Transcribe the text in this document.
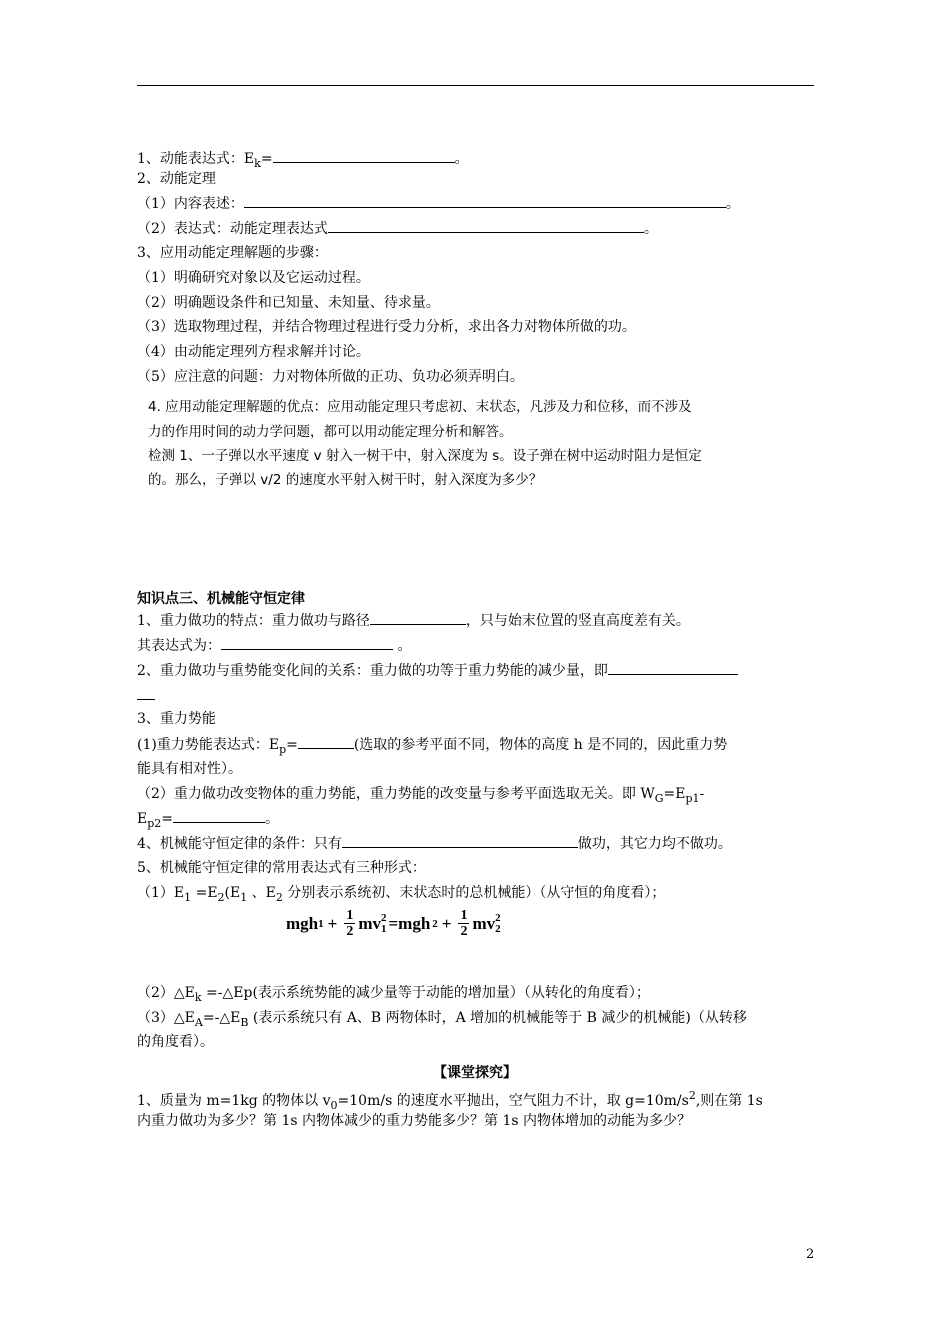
1、动能表达式：$E_k=$	。
2、动能定理
（1）内容表述：	。
（2）表达式：动能定理表达式	。
3、应用动能定理解题的步骤：
（1）明确研究对象以及它运动过程。
（2）明确题设条件和已知量、未知量、待求量。
（3）选取物理过程，并结合物理过程进行受力分析，求出各力对物体所做的功。
（4）由动能定理列方程求解并讨论。
（5）应注意的问题：力对物体所做的正功、负功必须弄明白。
4. 应用动能定理解题的优点：应用动能定理只考虑初、末状态，凡涉及力和位移，而不涉及
力的作用时间的动力学问题，都可以用动能定理分析和解答。
检测 1、一子弹以水平速度 v 射入一树干中，射入深度为 s。设子弹在树中运动时阻力是恒定
的。那么，子弹以 v/2 的速度水平射入树干时，射入深度为多少？
知识点三、机械能守恒定律
1、重力做功的特点：重力做功与路径	，只与始末位置的竖直高度差有关。
其表达式为：	。
2、重力做功与重势能变化间的关系：重力做的功等于重力势能的减少量，即
3、重力势能
(1)重力势能表达式：$E_p=$	(选取的参考平面不同，物体的高度 h 是不同的，因此重力势
能具有相对性）。
（2）重力做功改变物体的重力势能，重力势能的改变量与参考平面选取无关。即 $W_G=E_{p1}-$
$E_{p2}=$	。
4、机械能守恒定律的条件：只有	做功，其它力均不做功。
5、机械能守恒定律的常用表达式有三种形式：
$(1)E_1 =E_2(E_1$ 、$E_2$ 分别表示系统初、末状态时的总机械能）（从守恒的角度看）；
mgh $1 + \frac{1}{2}$ mv 2
1 =mgh $2 + \frac{1}{2}$ mv 2
2
$(2)\triangle E_k$ =-△Ep(表示系统势能的减少量等于动能的增加量）（从转化的角度看）；
$(3)\triangle E_A=-\triangle E_B$ (表示系统只有 A、B 两物体时，A 增加的机械能等于 B 减少的机械能)（从转移
的角度看）。
【课堂探究】
1、质量为 m=1kg 的物体以 $v_0=10m/s$ 的速度水平抛出，空气阻力不计，取 $g=10m/s^2$,则在第 1s
内重力做功为多少？第 1s 内物体减少的重力势能多少？第 1s 内物体增加的动能为多少？
2
